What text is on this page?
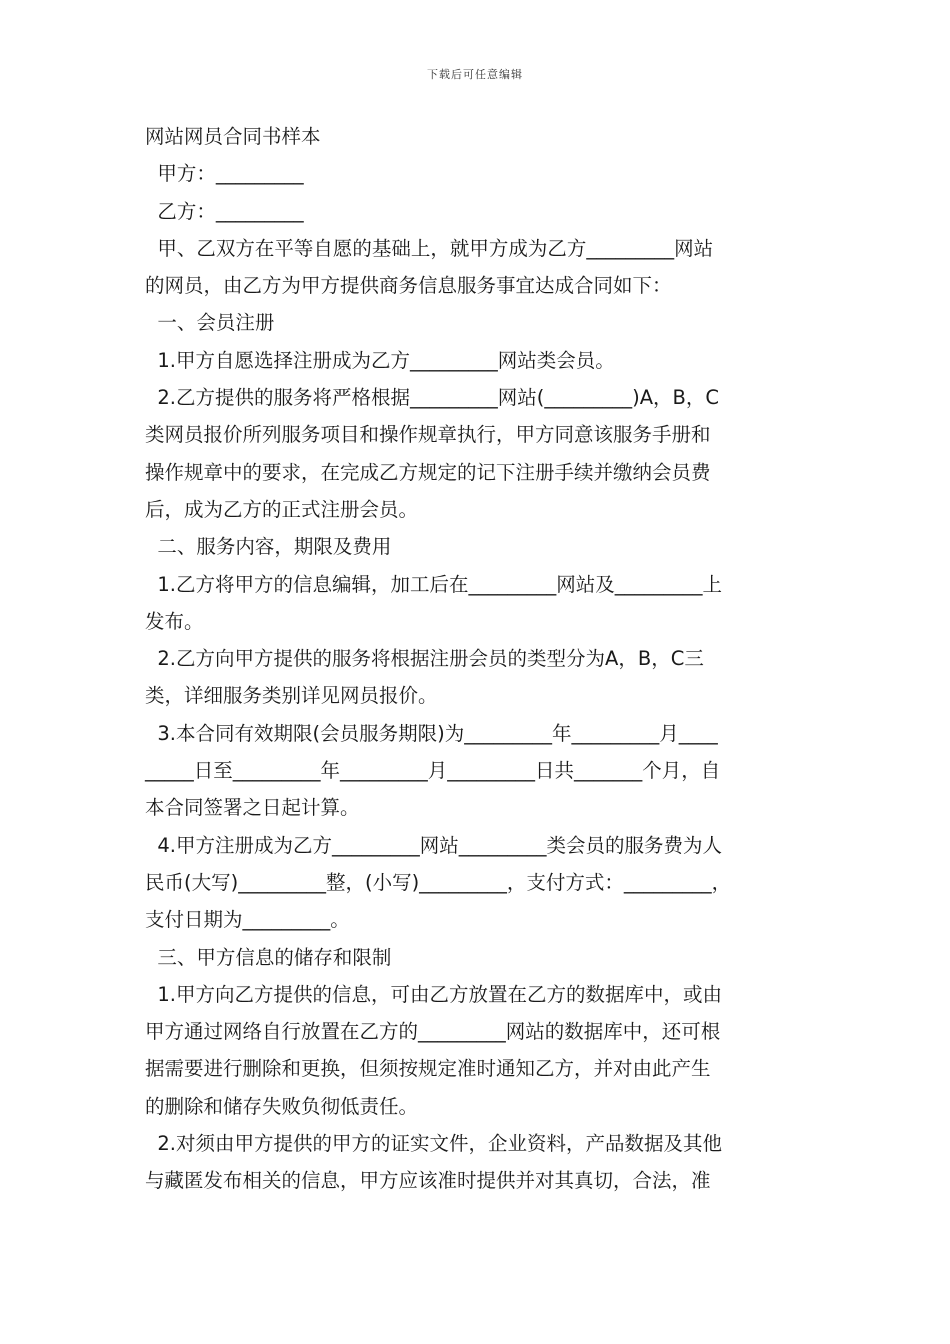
下载后可任意编辑
网站网员合同书样本
甲方：_________
乙方：_________
甲、乙双方在平等自愿的基础上，就甲方成为乙方_________网站
的网员，由乙方为甲方提供商务信息服务事宜达成合同如下：
一、会员注册
1.甲方自愿选择注册成为乙方_________网站类会员。
2.乙方提供的服务将严格根据_________网站(_________)A，B，C
类网员报价所列服务项目和操作规章执行，甲方同意该服务手册和
操作规章中的要求，在完成乙方规定的记下注册手续并缴纳会员费
后，成为乙方的正式注册会员。
二、服务内容，期限及费用
1.乙方将甲方的信息编辑，加工后在_________网站及_________上
发布。
2.乙方向甲方提供的服务将根据注册会员的类型分为A，B，C三
类，详细服务类别详见网员报价。
3.本合同有效期限(会员服务期限)为_________年_________月____
_____日至_________年_________月_________日共_______个月，自
本合同签署之日起计算。
4.甲方注册成为乙方_________网站_________类会员的服务费为人
民币(大写)_________整，(小写)_________，支付方式：_________，
支付日期为_________。
三、甲方信息的储存和限制
1.甲方向乙方提供的信息，可由乙方放置在乙方的数据库中，或由
甲方通过网络自行放置在乙方的_________网站的数据库中，还可根
据需要进行删除和更换，但须按规定准时通知乙方，并对由此产生
的删除和储存失败负彻低责任。
2.对须由甲方提供的甲方的证实文件，企业资料，产品数据及其他
与藏匿发布相关的信息，甲方应该准时提供并对其真切，合法，准
